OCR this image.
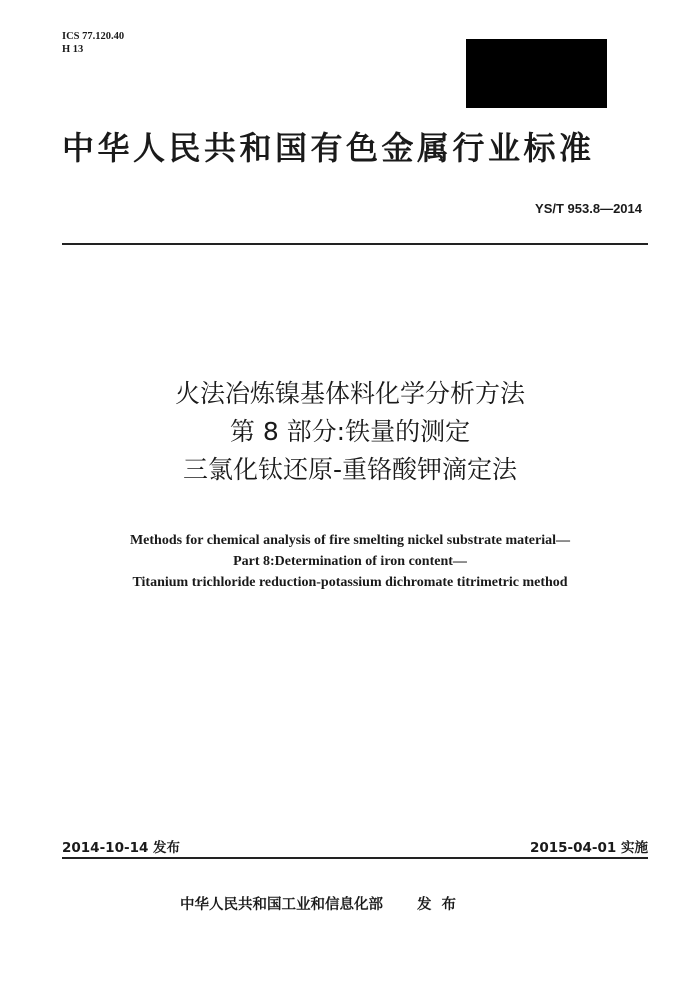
ICS 77.120.40
H 13
中华人民共和国有色金属行业标准
YS/T 953.8—2014
火法冶炼镍基体料化学分析方法
第 8 部分:铁量的测定
三氯化钛还原-重铬酸钾滴定法
Methods for chemical analysis of fire smelting nickel substrate material—
Part 8:Determination of iron content—
Titanium trichloride reduction-potassium dichromate titrimetric method
2014-10-14 发布	2015-04-01 实施
中华人民共和国工业和信息化部 发布
